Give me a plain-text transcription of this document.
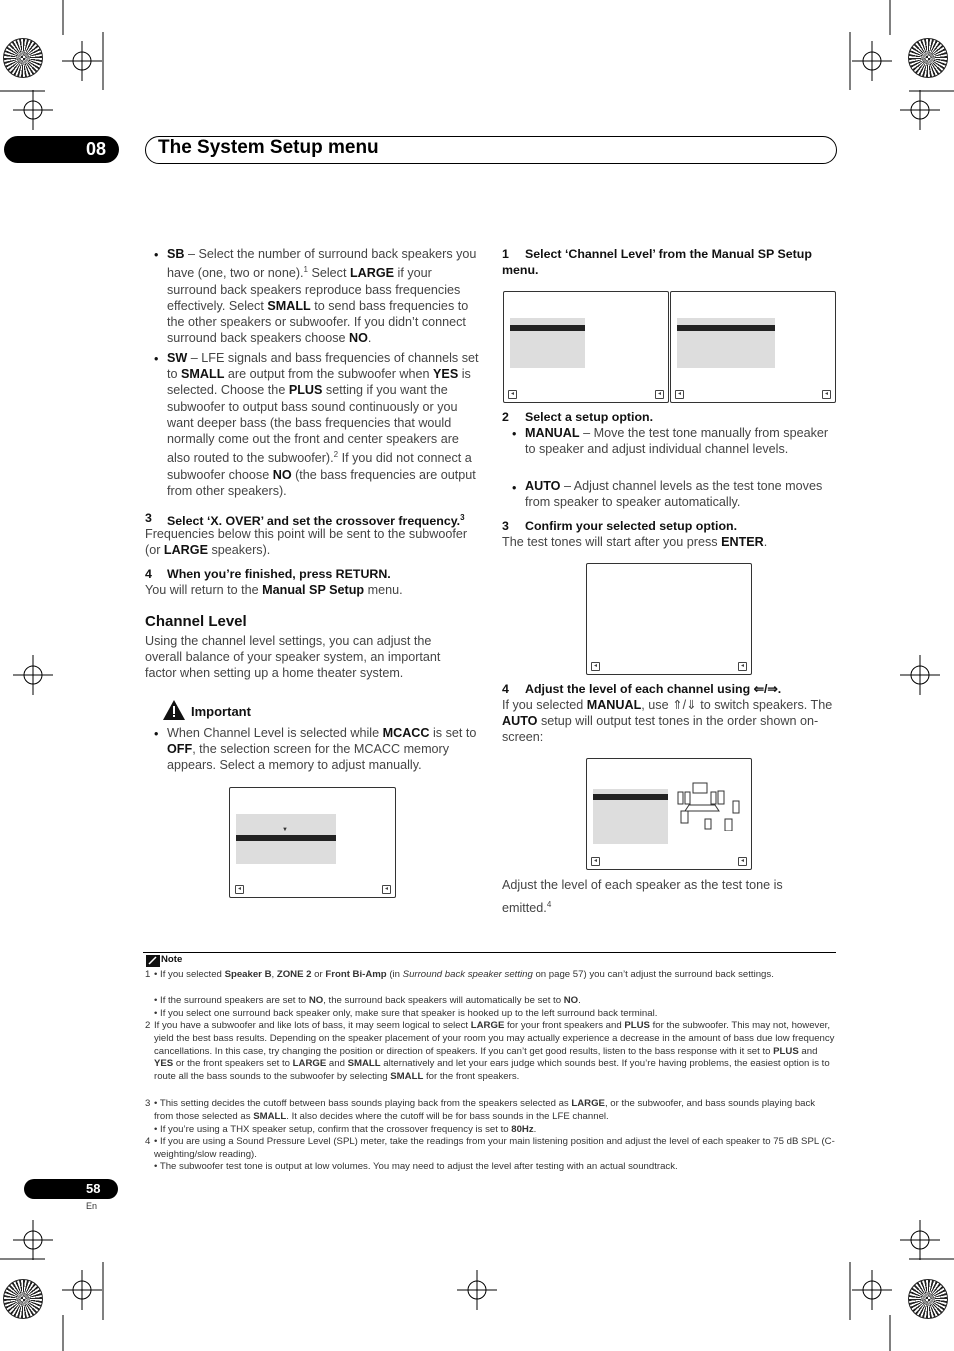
08	The System Setup menu
• SB – Select the number of surround back speakers you have (one, two or none).$^1$ Select LARGE if your surround back speakers reproduce bass frequencies effectively. Select SMALL to send bass frequencies to the other speakers or subwoofer. If you didn’t connect surround back speakers choose NO.
• SW – LFE signals and bass frequencies of channels set to SMALL are output from the subwoofer when YES is selected. Choose the PLUS setting if you want the subwoofer to output bass sound continuously or you want deeper bass (the bass frequencies that would normally come out the front and center speakers are also routed to the subwoofer).$^2$ If you did not connect a subwoofer choose NO (the bass frequencies are output from other speakers).
3 Select ‘X. OVER’ and set the crossover frequency.$^3$
Frequencies below this point will be sent to the subwoofer (or LARGE speakers).
4 When you’re finished, press RETURN.
You will return to the Manual SP Setup menu.
Channel Level
Using the channel level settings, you can adjust the overall balance of your speaker system, an important factor when setting up a home theater system.
Important
• When Channel Level is selected while MCACC is set to OFF, the selection screen for the MCACC memory appears. Select a memory to adjust manually.
▼
◂	◂
1	Select ‘Channel Level’ from the Manual SP Setup menu.
◂	◂	◂	◂
2 Select a setup option.
• MANUAL – Move the test tone manually from speaker to speaker and adjust individual channel levels.
• AUTO – Adjust channel levels as the test tone moves from speaker to speaker automatically.
3 Confirm your selected setup option.
The test tones will start after you press ENTER.
◂	◂
4 Adjust the level of each channel using ⇐/⇒.
If you selected MANUAL, use ⇑/⇓ to switch speakers. The AUTO setup will output test tones in the order shown on-screen:
◂	◂
Adjust the level of each speaker as the test tone is emitted.$^4$
Note
1 • If you selected Speaker B, ZONE 2 or Front Bi-Amp (in Surround back speaker setting on page 57) you can’t adjust the surround back settings.
• If the surround speakers are set to NO, the surround back speakers will automatically be set to NO.
• If you select one surround back speaker only, make sure that speaker is hooked up to the left surround back terminal.
2 If you have a subwoofer and like lots of bass, it may seem logical to select LARGE for your front speakers and PLUS for the subwoofer. This may not, however, yield the best bass results. Depending on the speaker placement of your room you may actually experience a decrease in the amount of bass due low frequency cancellations. In this case, try changing the position or direction of speakers. If you can’t get good results, listen to the bass response with it set to PLUS and YES or the front speakers set to LARGE and SMALL alternatively and let your ears judge which sounds best. If you’re having problems, the easiest option is to route all the bass sounds to the subwoofer by selecting SMALL for the front speakers.
3 • This setting decides the cutoff between bass sounds playing back from the speakers selected as LARGE, or the subwoofer, and bass sounds playing back from those selected as SMALL. It also decides where the cutoff will be for bass sounds in the LFE channel.
• If you’re using a THX speaker setup, confirm that the crossover frequency is set to 80Hz.
4 • If you are using a Sound Pressure Level (SPL) meter, take the readings from your main listening position and adjust the level of each speaker to 75 dB SPL (C-weighting/slow reading).
• The subwoofer test tone is output at low volumes. You may need to adjust the level after testing with an actual soundtrack.
58
En
